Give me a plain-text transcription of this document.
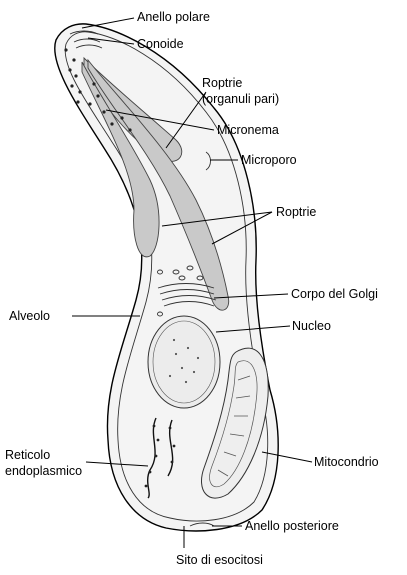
Anello polare
Conoide
Roptrie
(organuli pari)
Micronema
Microporo
Roptrie
Corpo del Golgi
Alveolo
Nucleo
Reticolo
endoplasmico
Mitocondrio
Anello posteriore
Sito di esocitosi
